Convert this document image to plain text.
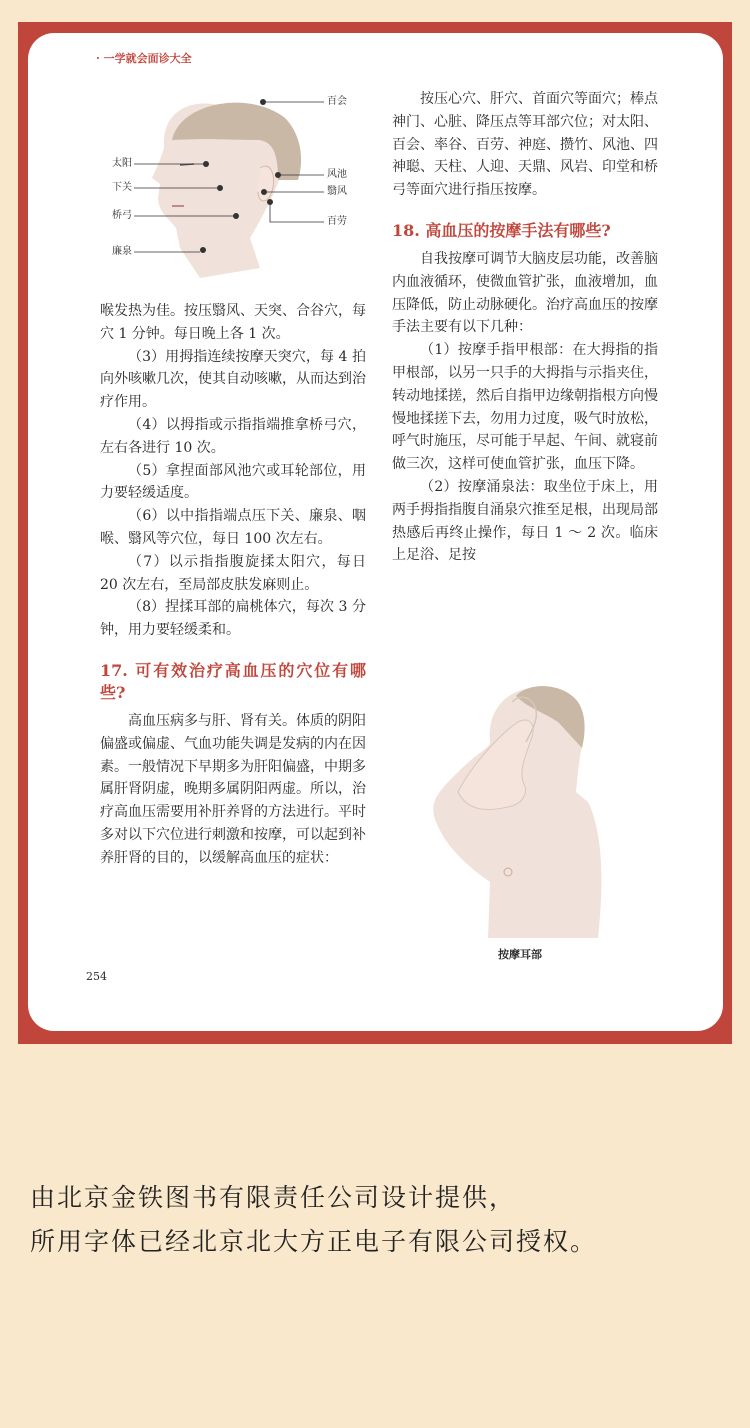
· 一学就会面诊大全
百会
太阳
下关
桥弓
廉泉
风池
翳风
百劳

喉发热为佳。按压翳风、天突、合谷穴，每穴 1 分钟。每日晚上各 1 次。

（3）用拇指连续按摩天突穴，每 4 拍向外咳嗽几次，使其自动咳嗽，从而达到治疗作用。

（4）以拇指或示指指端推拿桥弓穴，左右各进行 10 次。

（5）拿捏面部风池穴或耳轮部位，用力要轻缓适度。

（6）以中指指端点压下关、廉泉、咽喉、翳风等穴位，每日 100 次左右。

（7）以示指指腹旋揉太阳穴，每日 20 次左右，至局部皮肤发麻则止。

（8）捏揉耳部的扁桃体穴，每次 3 分钟，用力要轻缓柔和。

17. 可有效治疗高血压的穴位有哪些?

高血压病多与肝、肾有关。体质的阴阳偏盛或偏虚、气血功能失调是发病的内在因素。一般情况下早期多为肝阳偏盛，中期多属肝肾阴虚，晚期多属阴阳两虚。所以，治疗高血压需要用补肝养肾的方法进行。平时多对以下穴位进行刺激和按摩，可以起到补养肝肾的目的，以缓解高血压的症状：

按压心穴、肝穴、首面穴等面穴；棒点神门、心脏、降压点等耳部穴位；对太阳、百会、率谷、百劳、神庭、攒竹、风池、四神聪、天柱、人迎、天鼎、风岩、印堂和桥弓等面穴进行指压按摩。

18. 高血压的按摩手法有哪些?

自我按摩可调节大脑皮层功能，改善脑内血液循环，使微血管扩张，血液增加，血压降低，防止动脉硬化。治疗高血压的按摩手法主要有以下几种：

（1）按摩手指甲根部：在大拇指的指甲根部，以另一只手的大拇指与示指夹住，转动地揉搓，然后自指甲边缘朝指根方向慢慢地揉搓下去，勿用力过度，吸气时放松，呼气时施压，尽可能于早起、午间、就寝前做三次，这样可使血管扩张，血压下降。

（2）按摩涌泉法：取坐位于床上，用两手拇指指腹自涌泉穴推至足根，出现局部热感后再终止操作，每日 1 ～ 2 次。临床上足浴、足按

按摩耳部
254
由北京金铁图书有限责任公司设计提供，
所用字体已经北京北大方正电子有限公司授权。
